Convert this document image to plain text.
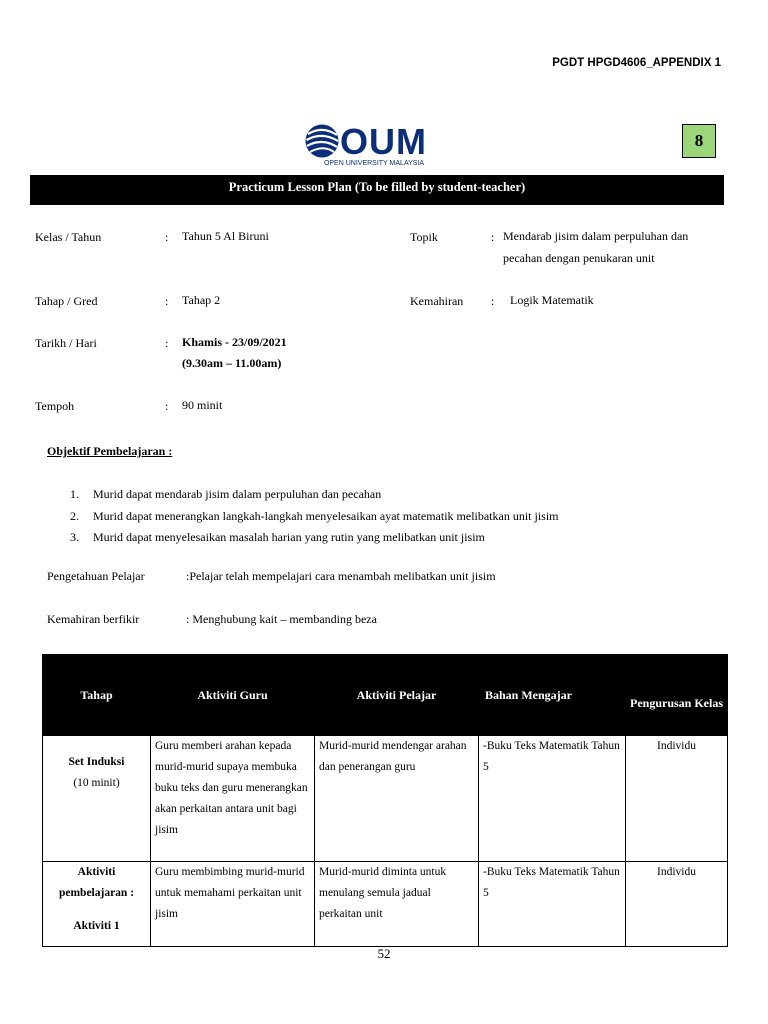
PGDT HPGD4606_APPENDIX 1
OUM
OPEN UNIVERSITY MALAYSIA
8
Practicum Lesson Plan (To be filled by student-teacher)
Kelas / Tahun	: Tahun 5 Al Biruni	Topik	: Mendarab jisim dalam perpuluhan dan
pecahan dengan penukaran unit
Tahap / Gred	: Tahap 2	Kemahiran : Logik Matematik
Tarikh / Hari	: Khamis - 23/09/2021
(9.30am – 11.00am)
Tempoh	: 90 minit
Objektif Pembelajaran :
1. Murid dapat mendarab jisim dalam perpuluhan dan pecahan
2. Murid dapat menerangkan langkah-langkah menyelesaikan ayat matematik melibatkan unit jisim
3. Murid dapat menyelesaikan masalah harian yang rutin yang melibatkan unit jisim
Pengetahuan Pelajar	:Pelajar telah mempelajari cara menambah melibatkan unit jisim
Kemahiran berfikir	: Menghubung kait – membanding beza
Tahap	Aktiviti Guru	Aktiviti Pelajar	Bahan Mengajar	Pengurusan Kelas

Set Induksi
(10 minit)	Guru memberi arahan kepada murid-murid supaya membuka buku teks dan guru menerangkan akan perkaitan antara unit bagi jisim	Murid-murid mendengar arahan dan penerangan guru	-Buku Teks Matematik Tahun 5	Individu

Aktiviti pembelajaran :
Aktiviti 1	Guru membimbing murid-murid untuk memahami perkaitan unit jisim	Murid-murid diminta untuk menulang semula jadual perkaitan unit	-Buku Teks Matematik Tahun 5	Individu
52
